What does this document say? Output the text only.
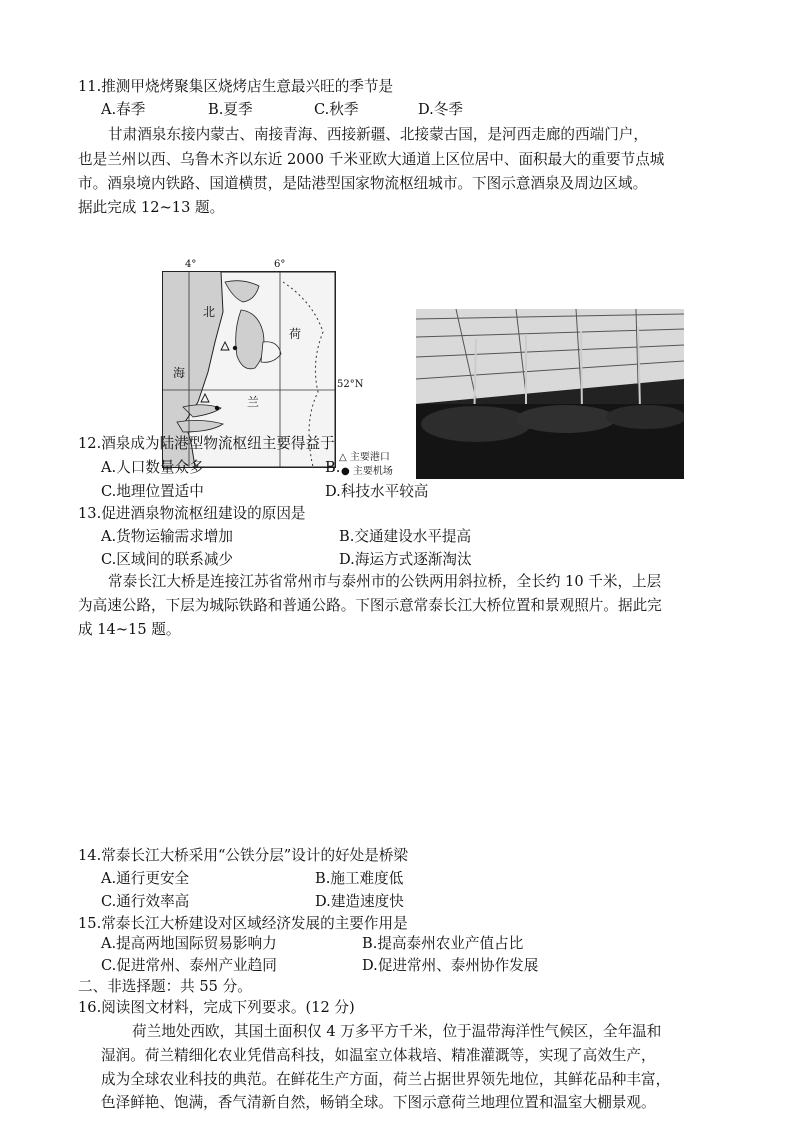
11.推测甲烧烤聚集区烧烤店生意最兴旺的季节是
A.春季	B.夏季	C.秋季	D.冬季
甘肃酒泉东接内蒙古、南接青海、西接新疆、北接蒙古国，是河西走廊的西端门户，
也是兰州以西、乌鲁木齐以东近 2000 千米亚欧大通道上区位居中、面积最大的重要节点城
市。酒泉境内铁路、国道横贯，是陆港型国家物流枢纽城市。下图示意酒泉及周边区域。
据此完成 12~13 题。
4°	6°
北
海
荷
兰
52°N
△ 主要港口
● 主要机场
12.酒泉成为陆港型物流枢纽主要得益于
A.人口数量众多	B.
C.地理位置适中	D.科技水平较高
13.促进酒泉物流枢纽建设的原因是
A.货物运输需求增加	B.交通建设水平提高
C.区域间的联系减少	D.海运方式逐渐淘汰
常泰长江大桥是连接江苏省常州市与泰州市的公铁两用斜拉桥，全长约 10 千米，上层
为高速公路，下层为城际铁路和普通公路。下图示意常泰长江大桥位置和景观照片。据此完
成 14~15 题。
14.常泰长江大桥采用“公铁分层”设计的好处是桥梁
A.通行更安全	B.施工难度低
C.通行效率高	D.建造速度快
15.常泰长江大桥建设对区域经济发展的主要作用是
A.提高两地国际贸易影响力	B.提高泰州农业产值占比
C.促进常州、泰州产业趋同	D.促进常州、泰州协作发展
二、非选择题：共 55 分。
16.阅读图文材料，完成下列要求。(12 分)
荷兰地处西欧，其国土面积仅 4 万多平方千米，位于温带海洋性气候区，全年温和
湿润。荷兰精细化农业凭借高科技，如温室立体栽培、精准灌溉等，实现了高效生产，
成为全球农业科技的典范。在鲜花生产方面，荷兰占据世界领先地位，其鲜花品种丰富，
色泽鲜艳、饱满，香气清新自然，畅销全球。下图示意荷兰地理位置和温室大棚景观。
